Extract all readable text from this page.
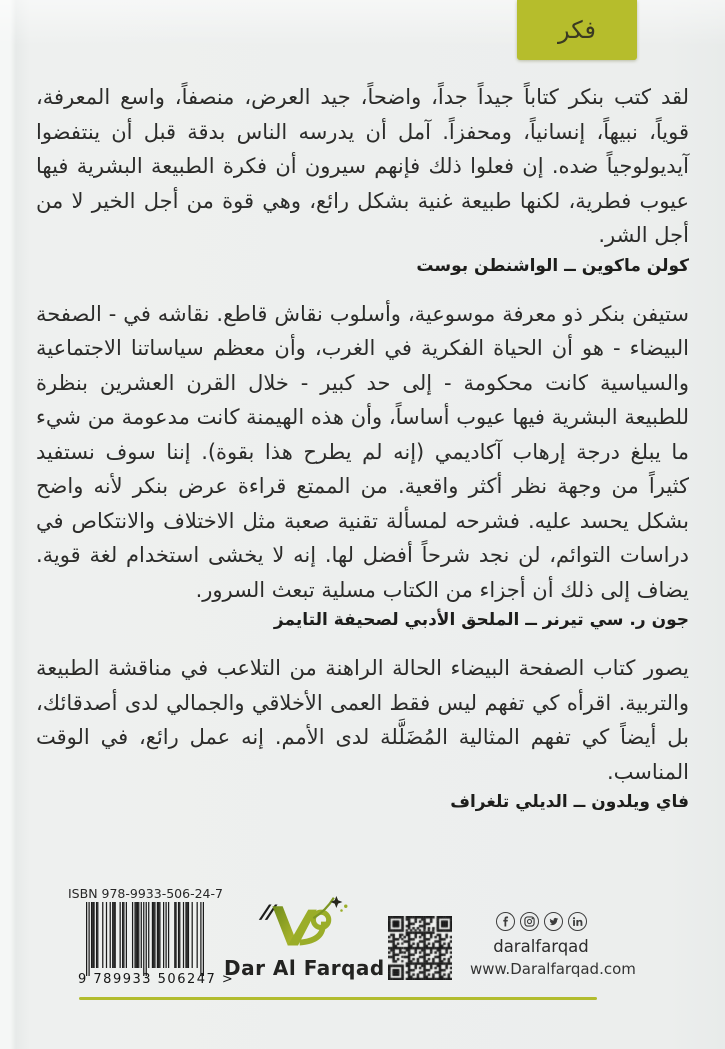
فكر

لقد كتب بنكر كتاباً جيداً جداً، واضحاً، جيد العرض، منصفاً، واسع المعرفة، قوياً، نبيهاً، إنسانياً، ومحفزاً. آمل أن يدرسه الناس بدقة قبل أن ينتفضوا آيديولوجياً ضده. إن فعلوا ذلك فإنهم سيرون أن فكرة الطبيعة البشرية فيها عيوب فطرية، لكنها طبيعة غنية بشكل رائع، وهي قوة من أجل الخير لا من أجل الشر.

كولن ماكوين ــ الواشنطن بوست

ستيفن بنكر ذو معرفة موسوعية، وأسلوب نقاش قاطع. نقاشه في - الصفحة البيضاء - هو أن الحياة الفكرية في الغرب، وأن معظم سياساتنا الاجتماعية والسياسية كانت محكومة - إلى حد كبير - خلال القرن العشرين بنظرة للطبيعة البشرية فيها عيوب أساساً، وأن هذه الهيمنة كانت مدعومة من شيء ما يبلغ درجة إرهاب آكاديمي (إنه لم يطرح هذا بقوة). إننا سوف نستفيد كثيراً من وجهة نظر أكثر واقعية. من الممتع قراءة عرض بنكر لأنه واضح بشكل يحسد عليه. فشرحه لمسألة تقنية صعبة مثل الاختلاف والانتكاص في دراسات التوائم، لن نجد شرحاً أفضل لها. إنه لا يخشى استخدام لغة قوية. يضاف إلى ذلك أن أجزاء من الكتاب مسلية تبعث السرور.

جون ر. سي تيرنر ــ الملحق الأدبي لصحيفة التايمز

يصور كتاب الصفحة البيضاء الحالة الراهنة من التلاعب في مناقشة الطبيعة والتربية. اقرأه كي تفهم ليس فقط العمى الأخلاقي والجمالي لدى أصدقائك، بل أيضاً كي تفهم المثالية المُضَلَّلة لدى الأمم. إنه عمل رائع، في الوقت المناسب.

فاي ويلدون ــ الديلي تلغراف

ISBN 978-9933-506-24-7
9 789933 506247 >
Dar Al Farqad
daralfarqad
www.Daralfarqad.com
